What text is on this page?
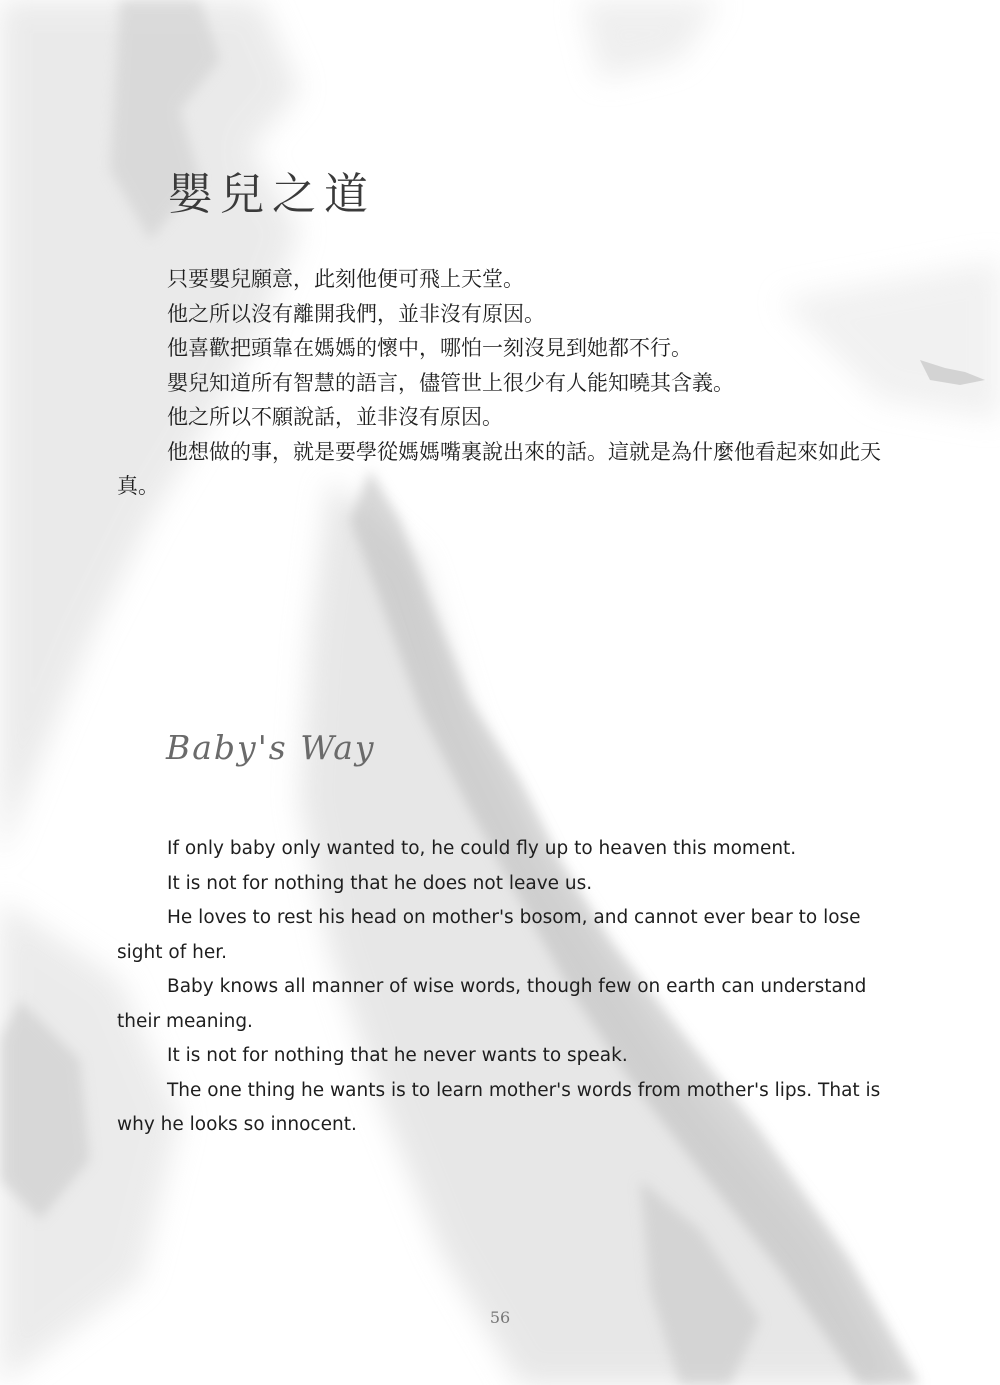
嬰兒之道

只要嬰兒願意，此刻他便可飛上天堂。

他之所以沒有離開我們，並非沒有原因。

他喜歡把頭靠在媽媽的懷中，哪怕一刻沒見到她都不行。

嬰兒知道所有智慧的語言，儘管世上很少有人能知曉其含義。

他之所以不願說話，並非沒有原因。

他想做的事，就是要學從媽媽嘴裏說出來的話。這就是為什麼他看起來如此天真。

Baby's Way

If only baby only wanted to, he could fly up to heaven this moment.

It is not for nothing that he does not leave us.

He loves to rest his head on mother's bosom, and cannot ever bear to lose sight of her.

Baby knows all manner of wise words, though few on earth can understand their meaning.

It is not for nothing that he never wants to speak.

The one thing he wants is to learn mother's words from mother's lips. That is why he looks so innocent.

56
